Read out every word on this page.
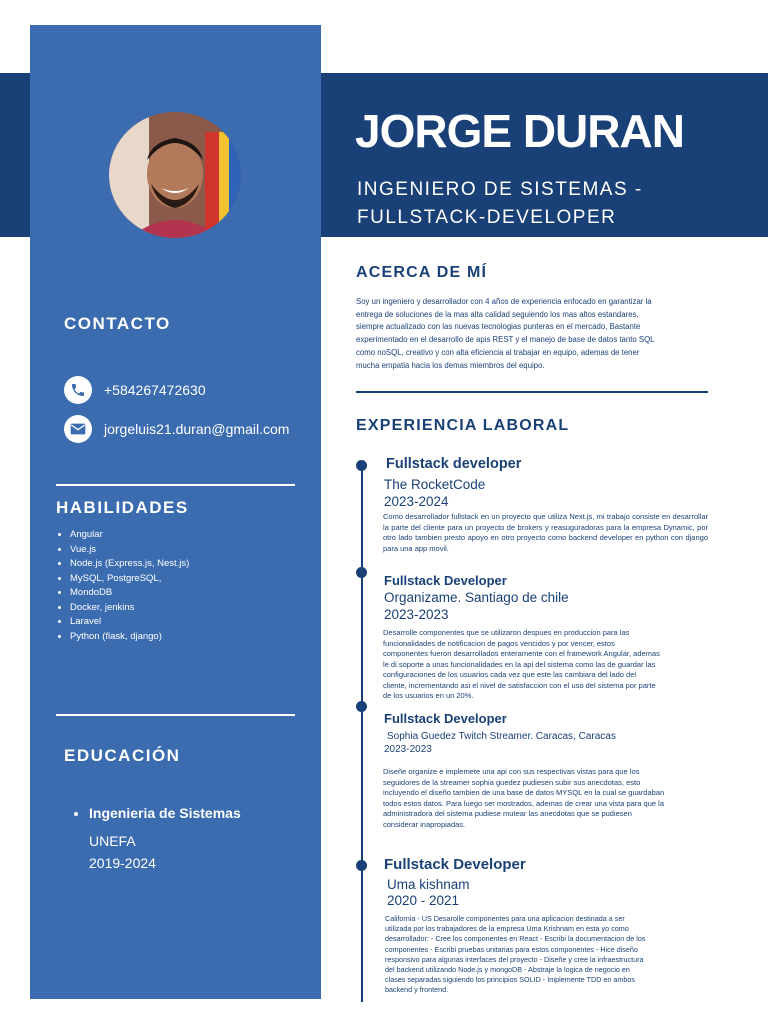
CONTACTO
+584267472630
jorgeluis21.duran@gmail.com
HABILIDADES
• Angular
• Vue.js
• Node.js (Express.js, Nest.js)
• MySQL, PostgreSQL,
• MondoDB
• Docker, jenkins
• Laravel
• Python (flask, django)
EDUCACIÓN
• Ingenieria de Sistemas
UNEFA
2019-2024
JORGE DURAN

INGENIERO DE SISTEMAS - FULLSTACK-DEVELOPER

ACERCA DE MÍ

Soy un ingeniero y desarrollador con 4 años de experiencia enfocado en garantizar la entrega de soluciones de la mas alta calidad seguiendo los mas altos estandares, siempre actualizado con las nuevas tecnologias punteras en el mercado, Bastante experimentado en el desarrollo de apis REST y el manejo de base de datos tanto SQL como noSQL, creativo y con alta eficiencia al trabajar en equipo, ademas de tener mucha empatia hacia los demas miembros del equipo.

EXPERIENCIA LABORAL
Fullstack developer

The RocketCode

2023-2024

Como desarrollador fullstack en un proyecto que utiliza Next.js, mi trabajo consiste en desarrollar la parte del cliente para un proyecto de brokers y reasuguradoras para la empresa Dynamic, por otro lado tambien presto apoyo en otro proyecto como backend developer en python con django para una app movil.

Fullstack Developer

Organizame. Santiago de chile

2023-2023

Desarrolle componentes que se utilizaron despues en produccion para las funcionalidades de notificacion de pagos vencidos y por vencer, estos componentes fueron desarrollados enteramente con el framework Angular, ademas le di soporte a unas funcionalidades en la api del sistema como las de guardar las configuraciones de los usuarios cada vez que este las cambiara del lado del cliente, incrementando asi el nivel de satisfaccion con el uso del sistema por parte de los usuarios en un 20%.

Fullstack Developer

Sophia Guedez Twitch Streamer. Caracas, Caracas

2023-2023

Diseñe organize e implemete una api con sus respectivas vistas para que los seguidores de la streamer sophia guedez pudiesen subir sus anecdotas, esto incluyendo el diseño tambien de una base de datos MYSQL en la cual se guardaban todos estos datos. Para luego ser mostrados, ademas de crear una vista para que la administradora del sistema pudiese mutear las anecdotas que se pudiesen considerar inapropiadas.

Fullstack Developer

Uma kishnam

2020 - 2021

California - US Desarolle componentes para una aplicacion destinada a ser utilizada por los trabajadores de la empresa Uma Krishnam en esta yo como desarrollador: - Cree los componentes en React - Escribi la documentacion de los componentes - Escribi pruebas unitarias para estos componentes - Hice diseño responsivo para algunas interfaces del proyecto - Diseñe y cree la infraestructura del backend utilizando Node.js y mongoDB - Abstraje la logica de negocio en clases separadas siguiendo los principios SOLID - Implemente TDD en ambos backend y frontend.
